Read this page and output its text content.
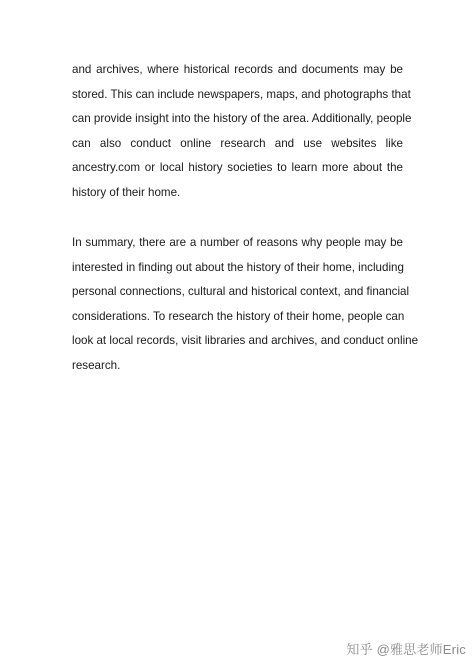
and archives, where historical records and documents may be
stored. This can include newspapers, maps, and photographs that
can provide insight into the history of the area. Additionally, people
can also conduct online research and use websites like
ancestry.com or local history societies to learn more about the
history of their home.
In summary, there are a number of reasons why people may be
interested in finding out about the history of their home, including
personal connections, cultural and historical context, and financial
considerations. To research the history of their home, people can
look at local records, visit libraries and archives, and conduct online
research.
知乎 @雅思老师Eric
